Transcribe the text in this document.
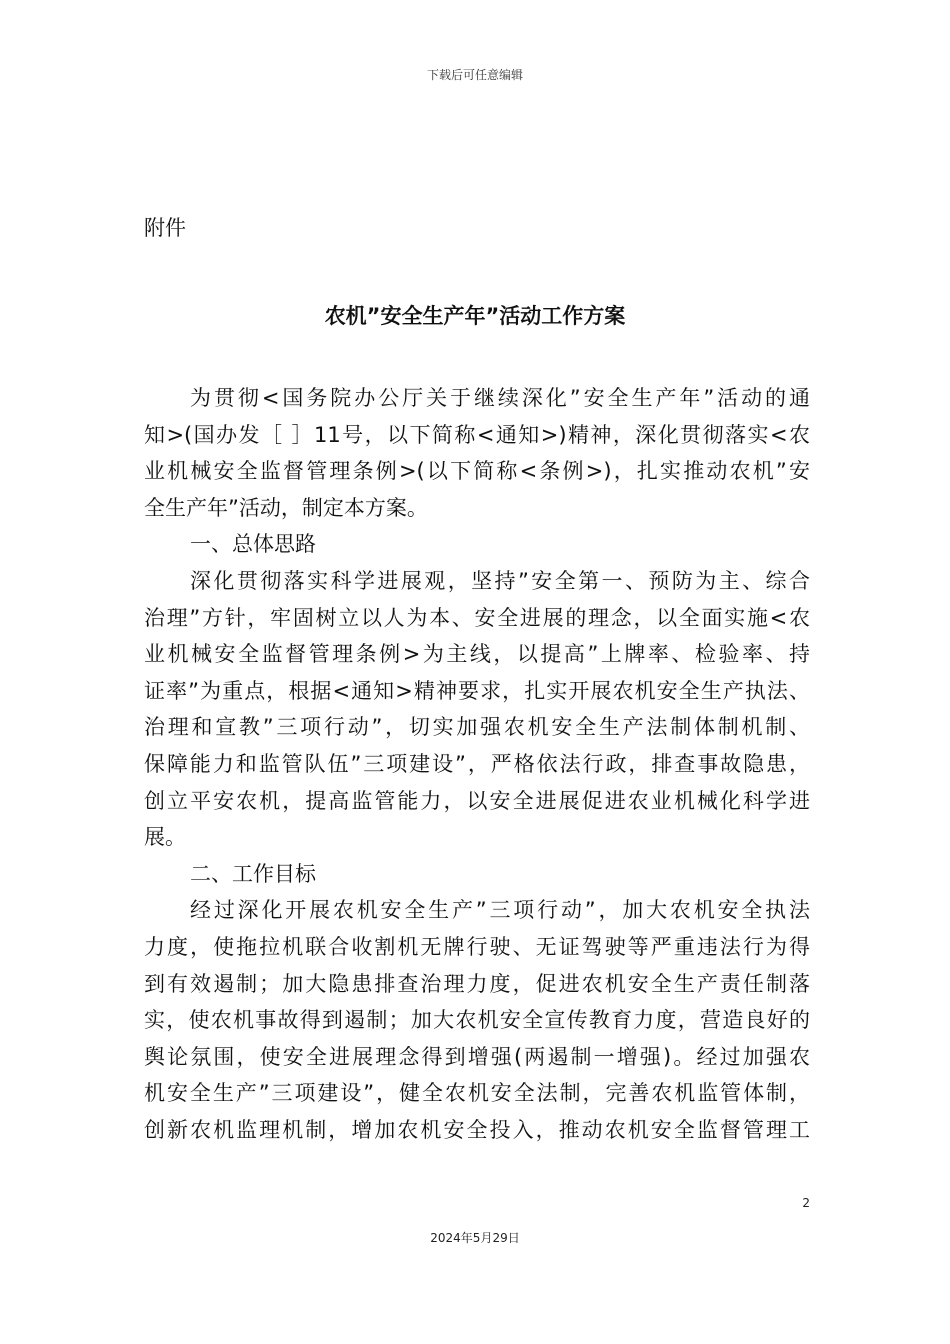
下载后可任意编辑
附件
农机”安全生产年”活动工作方案
为贯彻<国务院办公厅关于继续深化”安全生产年”活动的通
知>(国办发［ ］11号，以下简称<通知>)精神，深化贯彻落实<农
业机械安全监督管理条例>(以下简称<条例>)，扎实推动农机”安
全生产年”活动，制定本方案。
一、总体思路
深化贯彻落实科学进展观，坚持”安全第一、预防为主、综合
治理”方针，牢固树立以人为本、安全进展的理念，以全面实施<农
业机械安全监督管理条例>为主线，以提高”上牌率、检验率、持
证率”为重点，根据<通知>精神要求，扎实开展农机安全生产执法、
治理和宣教”三项行动”，切实加强农机安全生产法制体制机制、
保障能力和监管队伍”三项建设”，严格依法行政，排查事故隐患，
创立平安农机，提高监管能力，以安全进展促进农业机械化科学进
展。
二、工作目标
经过深化开展农机安全生产”三项行动”，加大农机安全执法
力度，使拖拉机联合收割机无牌行驶、无证驾驶等严重违法行为得
到有效遏制；加大隐患排查治理力度，促进农机安全生产责任制落
实，使农机事故得到遏制；加大农机安全宣传教育力度，营造良好的
舆论氛围，使安全进展理念得到增强(两遏制一增强)。经过加强农
机安全生产”三项建设”，健全农机安全法制，完善农机监管体制，
创新农机监理机制，增加农机安全投入，推动农机安全监督管理工
2
2024年5月29日
